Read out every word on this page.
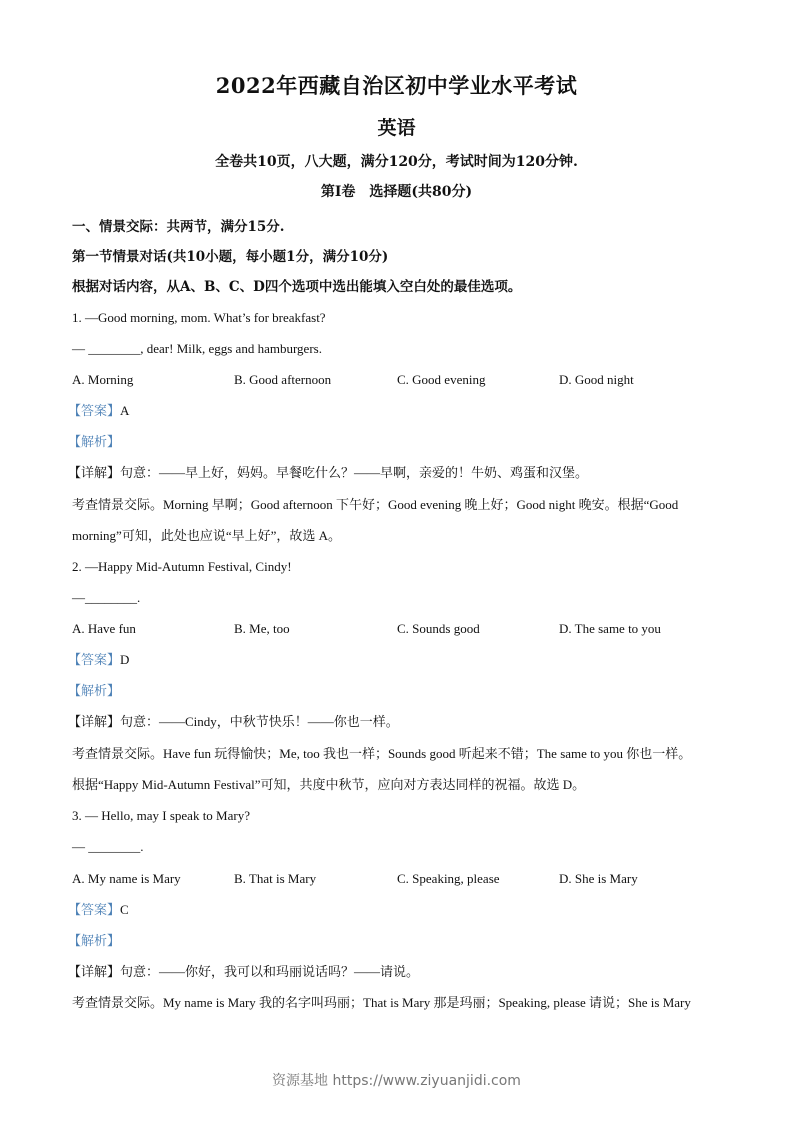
2022年西藏自治区初中学业水平考试
英语
全卷共10页，八大题，满分120分，考试时间为120分钟.
第Ⅰ卷　选择题(共80分)
一、情景交际：共两节，满分15分.
第一节情景对话(共10小题，每小题1分，满分10分)
根据对话内容，从A、B、C、D四个选项中选出能填入空白处的最佳选项。
1. —Good morning, mom. What’s for breakfast?
— ________, dear! Milk, eggs and hamburgers.
A. Morning	B. Good afternoon	C. Good evening	D. Good night
【答案】A
【解析】
【详解】句意：——早上好，妈妈。早餐吃什么？——早啊，亲爱的！牛奶、鸡蛋和汉堡。
考查情景交际。Morning 早啊；Good afternoon 下午好；Good evening 晚上好；Good night 晚安。根据“Good
morning”可知，此处也应说“早上好”，故选 A。
2. —Happy Mid-Autumn Festival, Cindy!
—________.
A. Have fun	B. Me, too	C. Sounds good	D. The same to you
【答案】D
【解析】
【详解】句意：——Cindy，中秋节快乐！——你也一样。
考查情景交际。Have fun 玩得愉快；Me, too 我也一样；Sounds good 听起来不错；The same to you 你也一样。
根据“Happy Mid-Autumn Festival”可知，共度中秋节，应向对方表达同样的祝福。故选 D。
3. — Hello, may I speak to Mary?
— ________.
A. My name is Mary	B. That is Mary	C. Speaking, please	D. She is Mary
【答案】C
【解析】
【详解】句意：——你好，我可以和玛丽说话吗？——请说。
考查情景交际。My name is Mary 我的名字叫玛丽；That is Mary 那是玛丽；Speaking, please 请说；She is Mary
资源基地 https://www.ziyuanjidi.com
